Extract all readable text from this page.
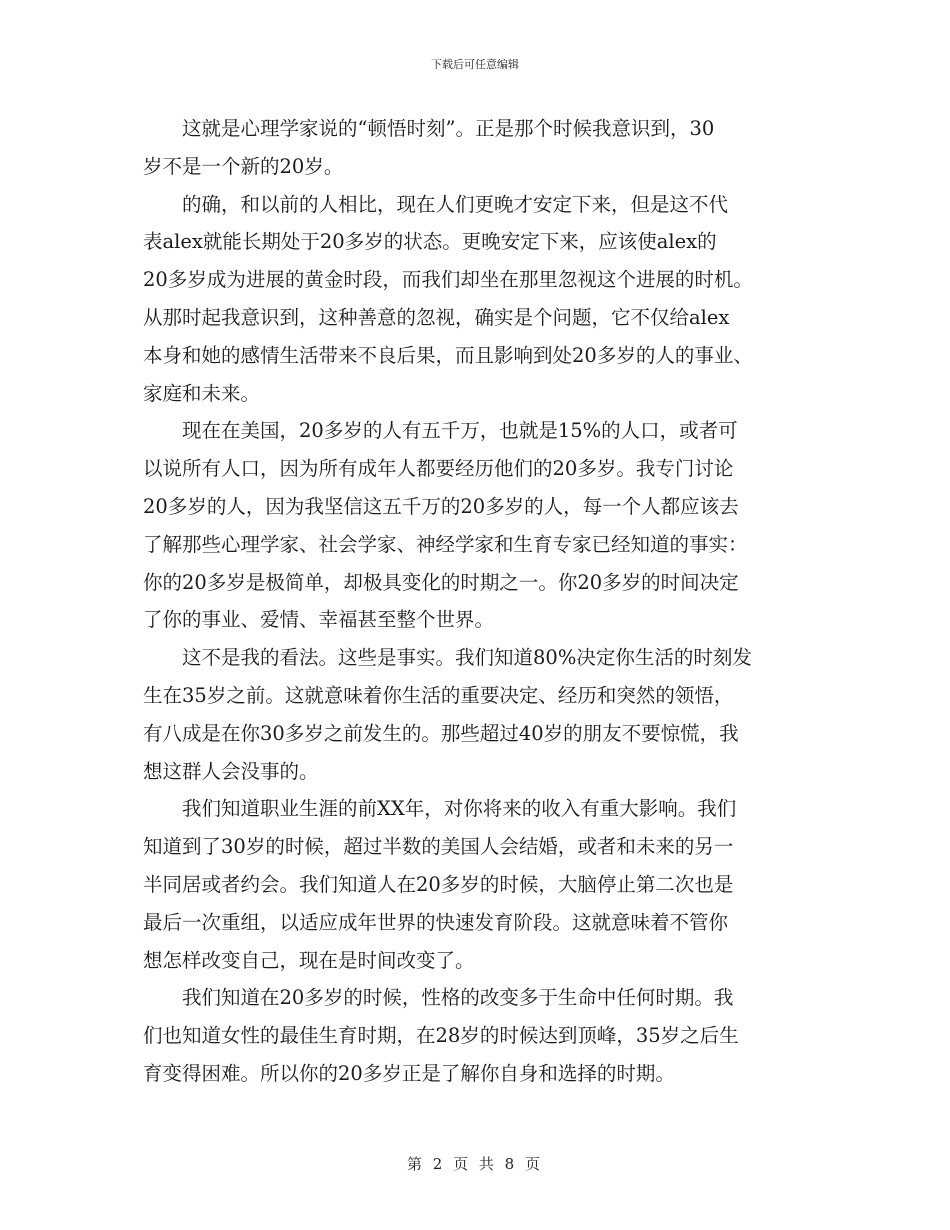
下载后可任意编辑
　　这就是心理学家说的“顿悟时刻”。正是那个时候我意识到，30
岁不是一个新的20岁。
　　的确，和以前的人相比，现在人们更晚才安定下来，但是这不代
表alex就能长期处于20多岁的状态。更晚安定下来，应该使alex的
20多岁成为进展的黄金时段，而我们却坐在那里忽视这个进展的时机。
从那时起我意识到，这种善意的忽视，确实是个问题，它不仅给alex
本身和她的感情生活带来不良后果，而且影响到处20多岁的人的事业、
家庭和未来。
　　现在在美国，20多岁的人有五千万，也就是15%的人口，或者可
以说所有人口，因为所有成年人都要经历他们的20多岁。我专门讨论
20多岁的人，因为我坚信这五千万的20多岁的人，每一个人都应该去
了解那些心理学家、社会学家、神经学家和生育专家已经知道的事实：
你的20多岁是极简单，却极具变化的时期之一。你20多岁的时间决定
了你的事业、爱情、幸福甚至整个世界。
　　这不是我的看法。这些是事实。我们知道80%决定你生活的时刻发
生在35岁之前。这就意味着你生活的重要决定、经历和突然的领悟，
有八成是在你30多岁之前发生的。那些超过40岁的朋友不要惊慌，我
想这群人会没事的。
　　我们知道职业生涯的前XX年，对你将来的收入有重大影响。我们
知道到了30岁的时候，超过半数的美国人会结婚，或者和未来的另一
半同居或者约会。我们知道人在20多岁的时候，大脑停止第二次也是
最后一次重组，以适应成年世界的快速发育阶段。这就意味着不管你
想怎样改变自己，现在是时间改变了。
　　我们知道在20多岁的时候，性格的改变多于生命中任何时期。我
们也知道女性的最佳生育时期，在28岁的时候达到顶峰，35岁之后生
育变得困难。所以你的20多岁正是了解你自身和选择的时期。
第 2 页 共 8 页
